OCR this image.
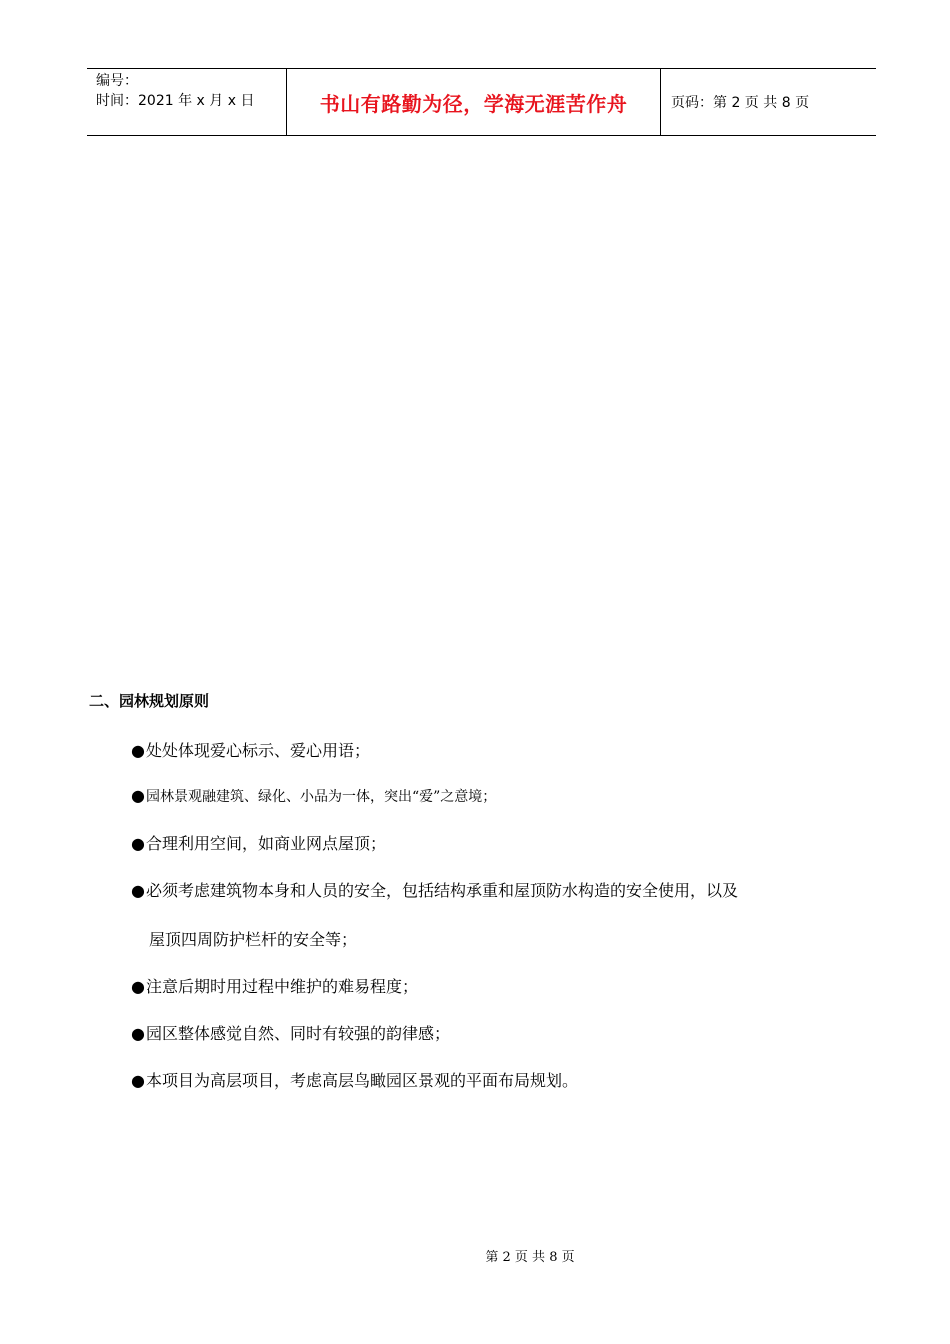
编号：
时间：2021 年 x 月 x 日	书山有路勤为径，学海无涯苦作舟	页码：第 2 页 共 8 页
二、园林规划原则
●处处体现爱心标示、爱心用语；
●园林景观融建筑、绿化、小品为一体，突出“爱”之意境；
●合理利用空间，如商业网点屋顶；
●必须考虑建筑物本身和人员的安全，包括结构承重和屋顶防水构造的安全使用，以及
屋顶四周防护栏杆的安全等；
●注意后期时用过程中维护的难易程度；
●园区整体感觉自然、同时有较强的韵律感；
●本项目为高层项目，考虑高层鸟瞰园区景观的平面布局规划。
第 2 页 共 8 页
